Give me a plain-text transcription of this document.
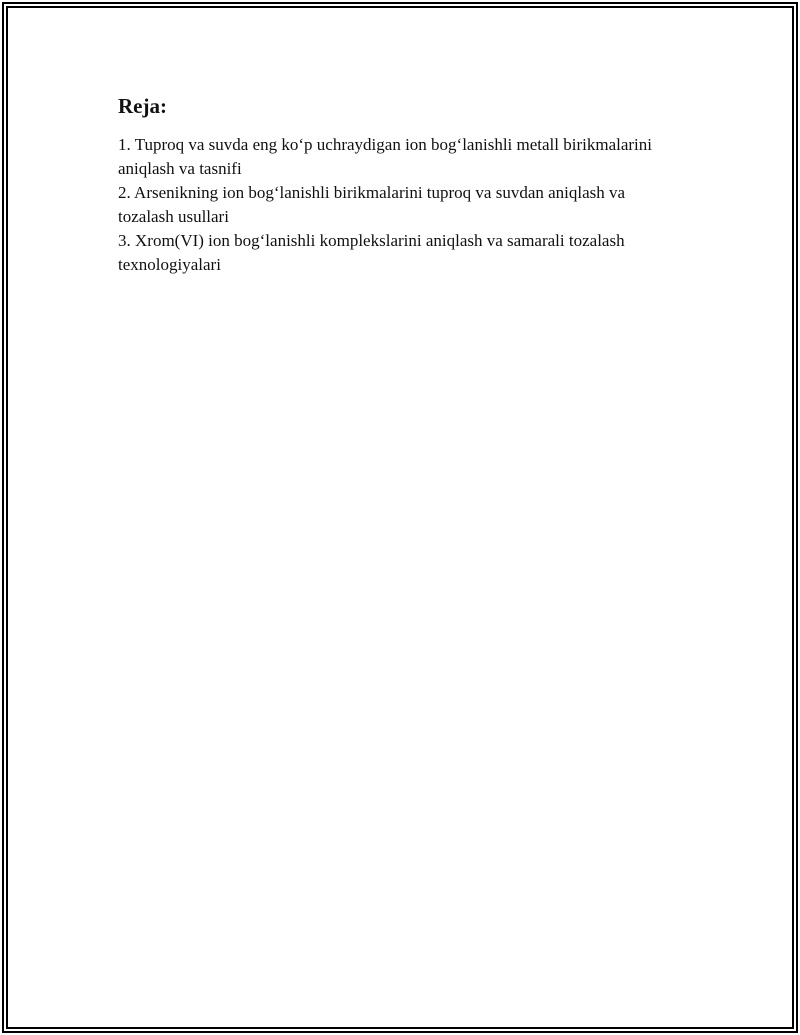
Reja:
1. Tuproq va suvda eng ko‘p uchraydigan ion bog‘lanishli metall birikmalarini aniqlash va tasnifi
2. Arsenikning ion bog‘lanishli birikmalarini tuproq va suvdan aniqlash va tozalash usullari
3. Xrom(VI) ion bog‘lanishli komplekslarini aniqlash va samarali tozalash texnologiyalari
